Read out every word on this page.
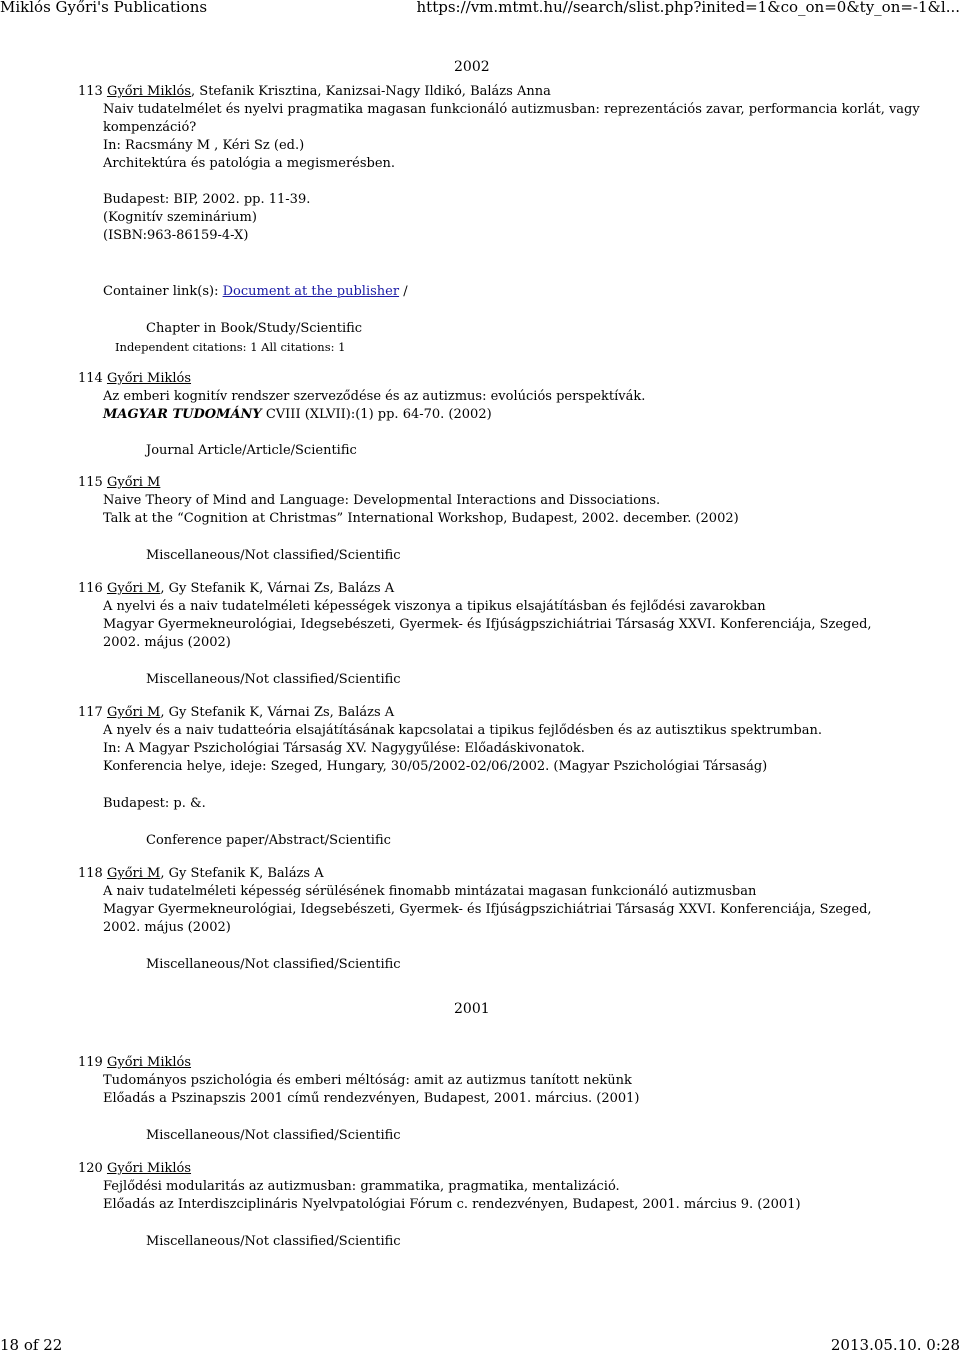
Miklós Győri's Publications	https://vm.mtmt.hu//search/slist.php?inited=1&co_on=0&ty_on=-1&l...
2002
113 Győri Miklós, Stefanik Krisztina, Kanizsai-Nagy Ildikó, Balázs Anna
Naiv tudatelmélet és nyelvi pragmatika magasan funkcionáló autizmusban: reprezentációs zavar, performancia korlát, vagy
kompenzáció?
In: Racsmány M , Kéri Sz (ed.)
Architektúra és patológia a megismerésben.
Budapest: BIP, 2002. pp. 11-39.
(Kognitív szeminárium)
(ISBN:963-86159-4-X)
Container link(s): Document at the publisher /
Chapter in Book/Study/Scientific
Independent citations: 1 All citations: 1
114 Győri Miklós
Az emberi kognitív rendszer szerveződése és az autizmus: evolúciós perspektívák.
MAGYAR TUDOMÁNY CVIII (XLVII):(1) pp. 64-70. (2002)
Journal Article/Article/Scientific
115 Győri M
Naive Theory of Mind and Language: Developmental Interactions and Dissociations.
Talk at the “Cognition at Christmas” International Workshop, Budapest, 2002. december. (2002)
Miscellaneous/Not classified/Scientific
116 Győri M, Gy Stefanik K, Várnai Zs, Balázs A
A nyelvi és a naiv tudatelméleti képességek viszonya a tipikus elsajátításban és fejlődési zavarokban
Magyar Gyermekneurológiai, Idegsebészeti, Gyermek- és Ifjúságpszichiátriai Társaság XXVI. Konferenciája, Szeged,
2002. május (2002)
Miscellaneous/Not classified/Scientific
117 Győri M, Gy Stefanik K, Várnai Zs, Balázs A
A nyelv és a naiv tudatteória elsajátításának kapcsolatai a tipikus fejlődésben és az autisztikus spektrumban.
In: A Magyar Pszichológiai Társaság XV. Nagygyűlése: Előadáskivonatok.
Konferencia helye, ideje: Szeged, Hungary, 30/05/2002-02/06/2002. (Magyar Pszichológiai Társaság)
Budapest: p. &.
Conference paper/Abstract/Scientific
118 Győri M, Gy Stefanik K, Balázs A
A naiv tudatelméleti képesség sérülésének finomabb mintázatai magasan funkcionáló autizmusban
Magyar Gyermekneurológiai, Idegsebészeti, Gyermek- és Ifjúságpszichiátriai Társaság XXVI. Konferenciája, Szeged,
2002. május (2002)
Miscellaneous/Not classified/Scientific
2001
119 Győri Miklós
Tudományos pszichológia és emberi méltóság: amit az autizmus tanított nekünk
Előadás a Pszinapszis 2001 című rendezvényen, Budapest, 2001. március. (2001)
Miscellaneous/Not classified/Scientific
120 Győri Miklós
Fejlődési modularitás az autizmusban: grammatika, pragmatika, mentalizáció.
Előadás az Interdiszciplináris Nyelvpatológiai Fórum c. rendezvényen, Budapest, 2001. március 9. (2001)
Miscellaneous/Not classified/Scientific
18 of 22	2013.05.10. 0:28
